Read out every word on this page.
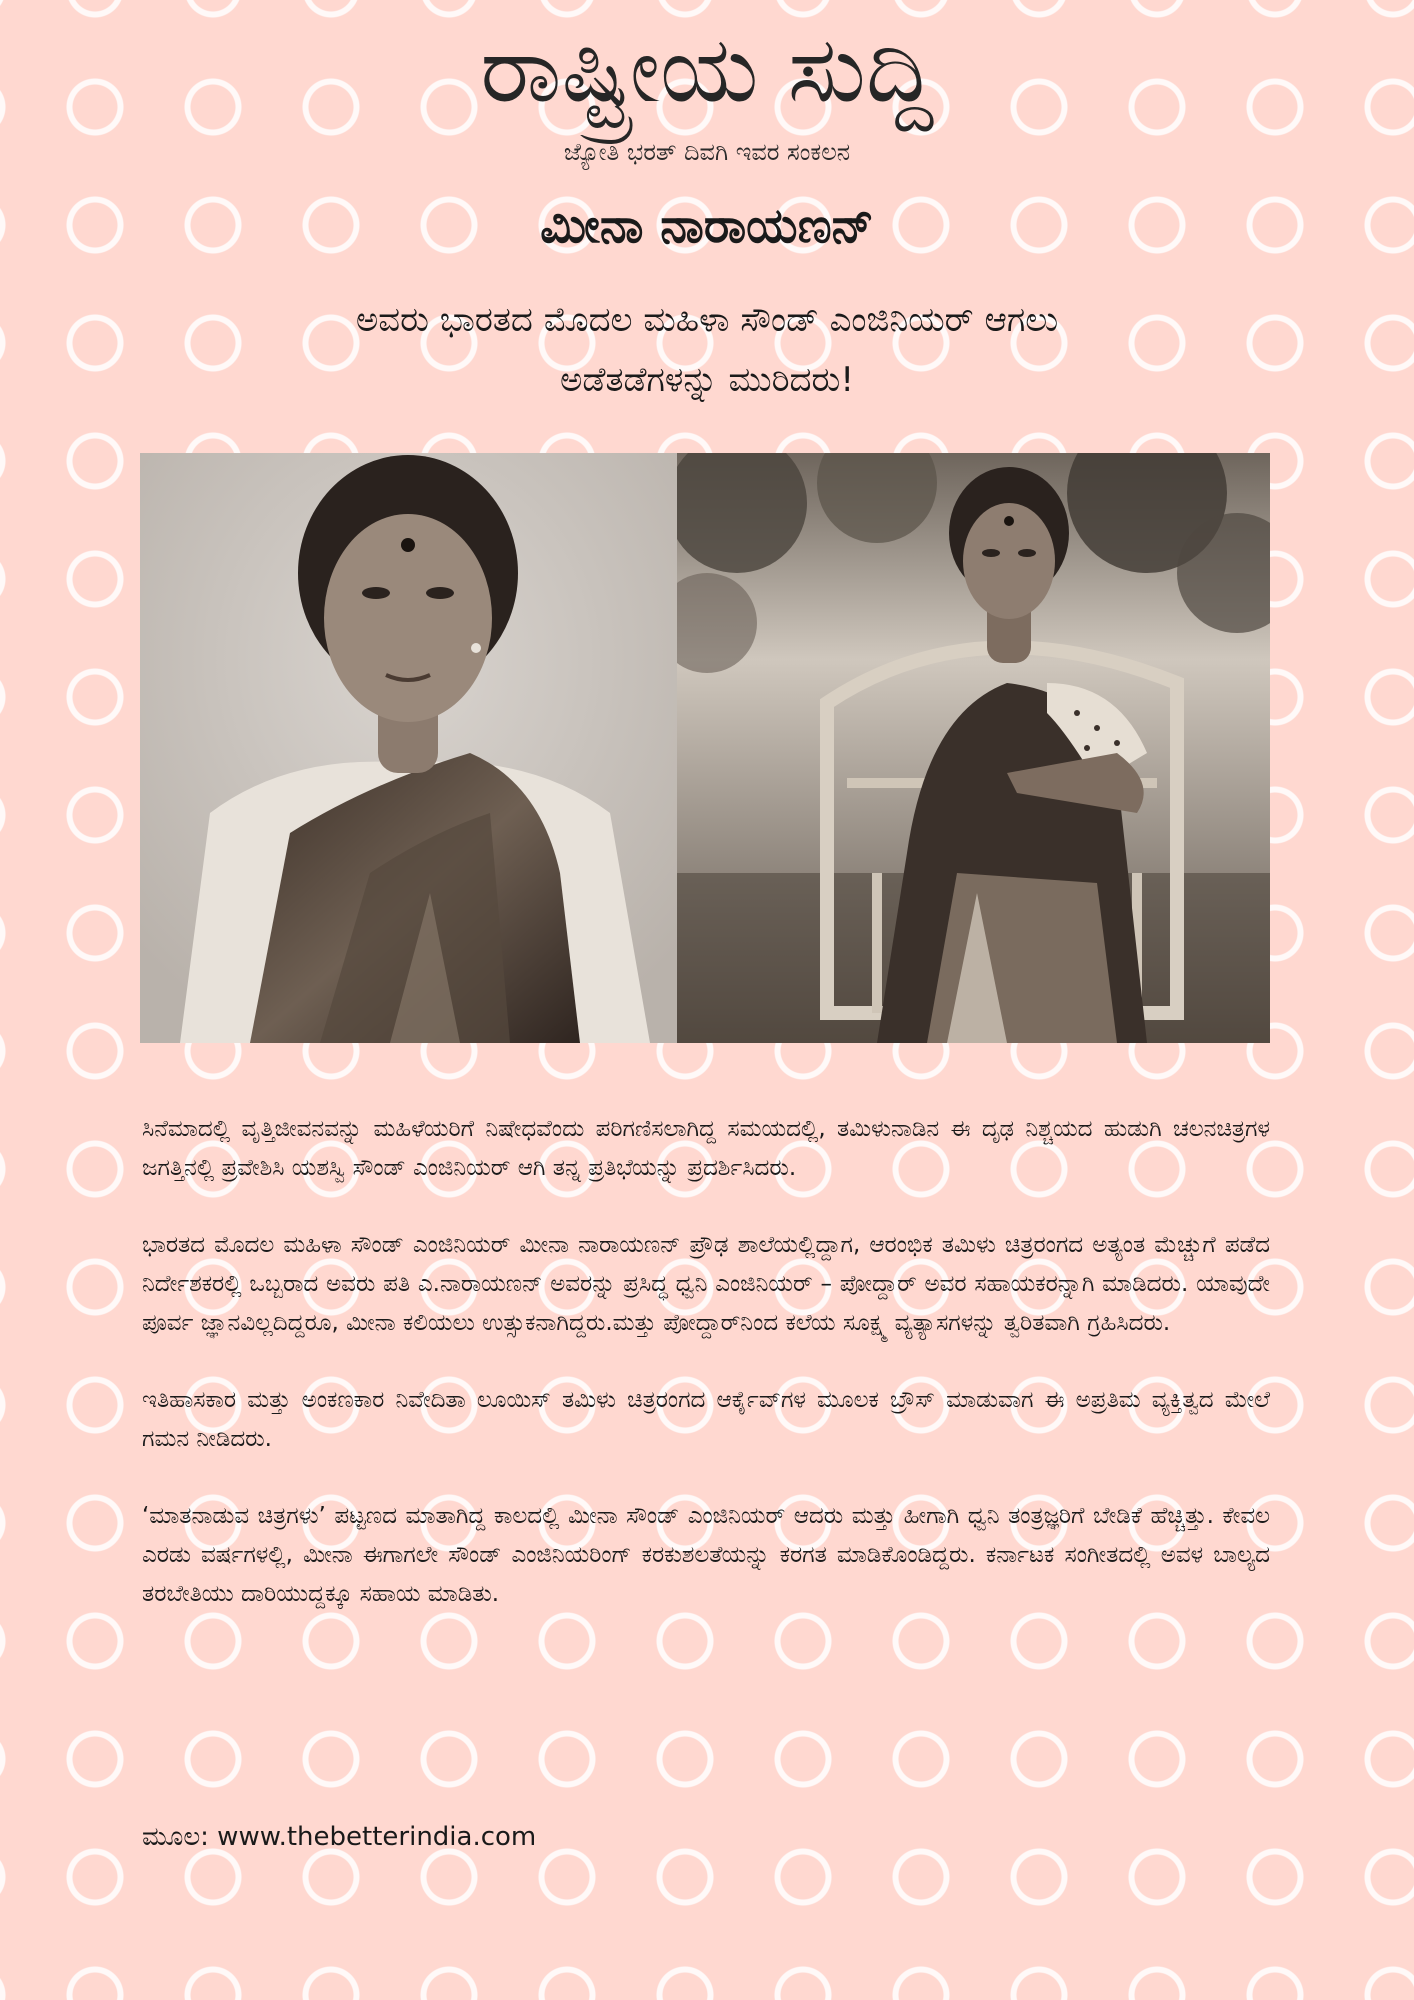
ರಾಷ್ಟ್ರೀಯ ಸುದ್ದಿ
ಜ್ಯೋತಿ ಭರತ್ ದಿವಗಿ ಇವರ ಸಂಕಲನ
ಮೀನಾ ನಾರಾಯಣನ್
ಅವರು ಭಾರತದ ಮೊದಲ ಮಹಿಳಾ ಸೌಂಡ್ ಎಂಜಿನಿಯರ್ ಆಗಲು
ಅಡೆತಡೆಗಳನ್ನು ಮುರಿದರು!

ಸಿನೆಮಾದಲ್ಲಿ ವೃತ್ತಿಜೀವನವನ್ನು ಮಹಿಳೆಯರಿಗೆ ನಿಷೇಧವೆಂದು ಪರಿಗಣಿಸಲಾಗಿದ್ದ ಸಮಯದಲ್ಲಿ, ತಮಿಳುನಾಡಿನ ಈ ದೃಢ ನಿಶ್ಚಯದ ಹುಡುಗಿ ಚಲನಚಿತ್ರಗಳ ಜಗತ್ತಿನಲ್ಲಿ ಪ್ರವೇಶಿಸಿ ಯಶಸ್ವಿ ಸೌಂಡ್ ಎಂಜಿನಿಯರ್ ಆಗಿ ತನ್ನ ಪ್ರತಿಭೆಯನ್ನು ಪ್ರದರ್ಶಿಸಿದರು.

ಭಾರತದ ಮೊದಲ ಮಹಿಳಾ ಸೌಂಡ್ ಎಂಜಿನಿಯರ್ ಮೀನಾ ನಾರಾಯಣನ್ ಪ್ರೌಢ ಶಾಲೆಯಲ್ಲಿದ್ದಾಗ, ಆರಂಭಿಕ ತಮಿಳು ಚಿತ್ರರಂಗದ ಅತ್ಯಂತ ಮೆಚ್ಚುಗೆ ಪಡೆದ ನಿರ್ದೇಶಕರಲ್ಲಿ ಒಬ್ಬರಾದ ಅವರು ಪತಿ ಎ.ನಾರಾಯಣನ್ ಅವರನ್ನು ಪ್ರಸಿದ್ಧ ಧ್ವನಿ ಎಂಜಿನಿಯರ್ – ಪೋದ್ದಾರ್ ಅವರ ಸಹಾಯಕರನ್ನಾಗಿ ಮಾಡಿದರು. ಯಾವುದೇ ಪೂರ್ವ ಜ್ಞಾನವಿಲ್ಲದಿದ್ದರೂ, ಮೀನಾ ಕಲಿಯಲು ಉತ್ಸುಕನಾಗಿದ್ದರು.ಮತ್ತು ಪೋದ್ದಾರ್‌ನಿಂದ ಕಲೆಯ ಸೂಕ್ಷ್ಮ ವ್ಯತ್ಯಾಸಗಳನ್ನು ತ್ವರಿತವಾಗಿ ಗ್ರಹಿಸಿದರು.

ಇತಿಹಾಸಕಾರ ಮತ್ತು ಅಂಕಣಕಾರ ನಿವೇದಿತಾ ಲೂಯಿಸ್ ತಮಿಳು ಚಿತ್ರರಂಗದ ಆರ್ಕೈವ್‌ಗಳ ಮೂಲಕ ಬ್ರೌಸ್ ಮಾಡುವಾಗ ಈ ಅಪ್ರತಿಮ ವ್ಯಕ್ತಿತ್ವದ ಮೇಲೆ ಗಮನ ನೀಡಿದರು.

‘ಮಾತನಾಡುವ ಚಿತ್ರಗಳು’ ಪಟ್ಟಣದ ಮಾತಾಗಿದ್ದ ಕಾಲದಲ್ಲಿ ಮೀನಾ ಸೌಂಡ್ ಎಂಜಿನಿಯರ್ ಆದರು ಮತ್ತು ಹೀಗಾಗಿ ಧ್ವನಿ ತಂತ್ರಜ್ಞರಿಗೆ ಬೇಡಿಕೆ ಹೆಚ್ಚಿತ್ತು. ಕೇವಲ ಎರಡು ವರ್ಷಗಳಲ್ಲಿ, ಮೀನಾ ಈಗಾಗಲೇ ಸೌಂಡ್ ಎಂಜಿನಿಯರಿಂಗ್ ಕರಕುಶಲತೆಯನ್ನು ಕರಗತ ಮಾಡಿಕೊಂಡಿದ್ದರು. ಕರ್ನಾಟಕ ಸಂಗೀತದಲ್ಲಿ ಅವಳ ಬಾಲ್ಯದ ತರಬೇತಿಯು ದಾರಿಯುದ್ದಕ್ಕೂ ಸಹಾಯ ಮಾಡಿತು.

ಮೂಲ: www.thebetterindia.com
